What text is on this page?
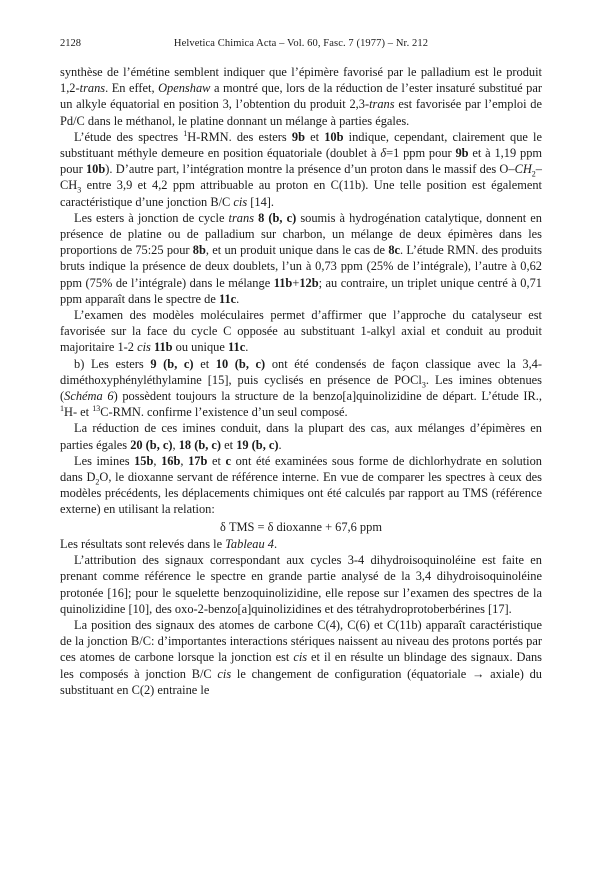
2128	Helvetica Chimica Acta – Vol. 60, Fasc. 7 (1977) – Nr. 212

synthèse de l’émétine semblent indiquer que l’épimère favorisé par le palladium est le produit 1,2-trans. En effet, Openshaw a montré que, lors de la réduction de l’ester insaturé substitué par un alkyle équatorial en position 3, l’obtention du produit 2,3-trans est favorisée par l’emploi de Pd/C dans le méthanol, le platine donnant un mélange à parties égales.

L’étude des spectres $^1$H-RMN. des esters 9b et 10b indique, cependant, clairement que le substituant méthyle demeure en position équatoriale (doublet à δ=1 ppm pour 9b et à 1,19 ppm pour 10b). D’autre part, l’intégration montre la présence d’un proton dans le massif des $O-CH_2-CH_3$ entre 3,9 et 4,2 ppm attribuable au proton en C(11b). Une telle position est également caractéristique d’une jonction B/C cis [14].

Les esters à jonction de cycle trans 8 (b, c) soumis à hydrogénation catalytique, donnent en présence de platine ou de palladium sur charbon, un mélange de deux épimères dans les proportions de 75:25 pour 8b, et un produit unique dans le cas de 8c. L’étude RMN. des produits bruts indique la présence de deux doublets, l’un à 0,73 ppm (25% de l’intégrale), l’autre à 0,62 ppm (75% de l’intégrale) dans le mélange 11b+12b; au contraire, un triplet unique centré à 0,71 ppm apparaît dans le spectre de 11c.

L’examen des modèles moléculaires permet d’affirmer que l’approche du catalyseur est favorisée sur la face du cycle C opposée au substituant 1-alkyl axial et conduit au produit majoritaire 1-2 cis 11b ou unique 11c.

b) Les esters 9 (b, c) et 10 (b, c) ont été condensés de façon classique avec la 3,4-diméthoxyphényléthylamine [15], puis cyclisés en présence de POCl$_3$. Les imines obtenues (Schéma 6) possèdent toujours la structure de la benzo[a]quinolizidine de départ. L’étude IR., $^1$H- et $^{13}$C-RMN. confirme l’existence d’un seul composé.

La réduction de ces imines conduit, dans la plupart des cas, aux mélanges d’épimères en parties égales 20 (b, c), 18 (b, c) et 19 (b, c).

Les imines 15b, 16b, 17b et c ont été examinées sous forme de dichlorhydrate en solution dans $D_2O$, le dioxanne servant de référence interne. En vue de comparer les spectres à ceux des modèles précédents, les déplacements chimiques ont été calculés par rapport au TMS (référence externe) en utilisant la relation:

δ TMS = δ dioxanne + 67,6 ppm

Les résultats sont relevés dans le Tableau 4.

L’attribution des signaux correspondant aux cycles 3-4 dihydroisoquinoléine est faite en prenant comme référence le spectre en grande partie analysé de la 3,4 dihydroisoquinoléine protonée [16]; pour le squelette benzoquinolizidine, elle repose sur l’examen des spectres de la quinolizidine [10], des oxo-2-benzo[a]quinolizidines et des tétrahydroprotoberbérines [17].

La position des signaux des atomes de carbone C(4), C(6) et C(11b) apparaît caractéristique de la jonction B/C: d’importantes interactions stériques naissent au niveau des protons portés par ces atomes de carbone lorsque la jonction est cis et il en résulte un blindage des signaux. Dans les composés à jonction B/C cis le changement de configuration (équatoriale → axiale) du substituant en C(2) entraine le
